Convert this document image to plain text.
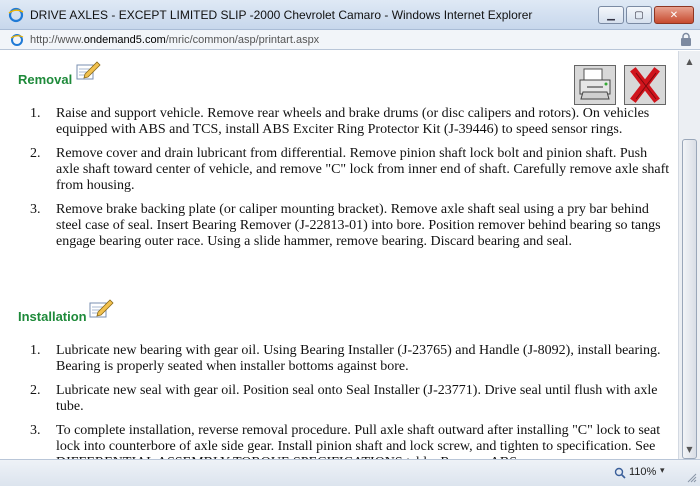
DRIVE AXLES - EXCEPT LIMITED SLIP -2000 Chevrolet Camaro - Windows Internet Explorer	▁ ▢	✕
http://www.ondemand5.com/mric/common/asp/printart.aspx
Removal
1. Raise and support vehicle. Remove rear wheels and brake drums (or disc calipers and rotors). On vehicles equipped with ABS and TCS, install ABS Exciter Ring Protector Kit (J-39446) to speed sensor rings.
2. Remove cover and drain lubricant from differential. Remove pinion shaft lock bolt and pinion shaft. Push axle shaft toward center of vehicle, and remove "C" lock from inner end of shaft. Carefully remove axle shaft from housing.
3. Remove brake backing plate (or caliper mounting bracket). Remove axle shaft seal using a pry bar behind steel case of seal. Insert Bearing Remover (J-22813-01) into bore. Position remover behind bearing so tangs engage bearing outer race. Using a slide hammer, remove bearing. Discard bearing and seal.
Installation
1. Lubricate new bearing with gear oil. Using Bearing Installer (J-23765) and Handle (J-8092), install bearing. Bearing is properly seated when installer bottoms against bore.
2. Lubricate new seal with gear oil. Position seal onto Seal Installer (J-23771). Drive seal until flush with axle tube.
3. To complete installation, reverse removal procedure. Pull axle shaft outward after installing "C" lock to seat lock into counterbore of axle side gear. Install pinion shaft and lock screw, and tighten to specification. See
▲
▼
110% ▾
